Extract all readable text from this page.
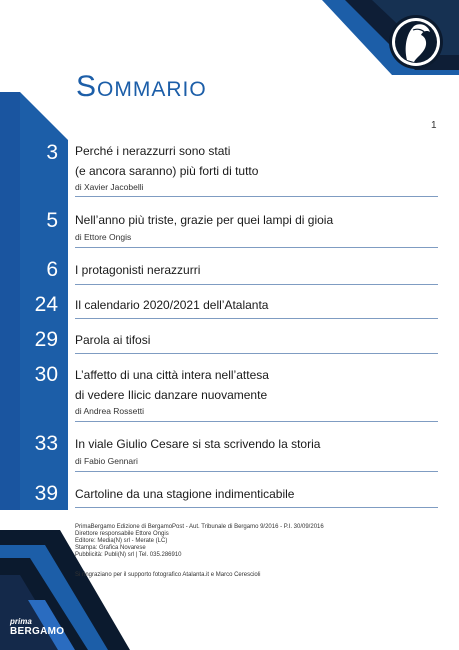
Sommario
1
3 Perché i nerazzurri sono stati
(e ancora saranno) più forti di tutto
di Xavier Jacobelli
5 Nell’anno più triste, grazie per quei lampi di gioia
di Ettore Ongis
6 I protagonisti nerazzurri
24 Il calendario 2020/2021 dell’Atalanta
29 Parola ai tifosi
30 L’affetto di una città intera nell’attesa
di vedere Ilicic danzare nuovamente
di Andrea Rossetti
33 In viale Giulio Cesare si sta scrivendo la storia
di Fabio Gennari
39 Cartoline da una stagione indimenticabile
PrimaBergamo Edizione di BergamoPost - Aut. Tribunale di Bergamo 9/2016 - P.I. 30/09/2016
Direttore responsabile Ettore Ongis
Editore: Media(N) srl - Merate (LC)
Stampa: Grafica Novarese
Pubblicità: Publi(N) srl | Tel. 035.286910
Si ringraziano per il supporto fotografico Atalanta.it e Marco Cerescioli
prima
BERGAMO
